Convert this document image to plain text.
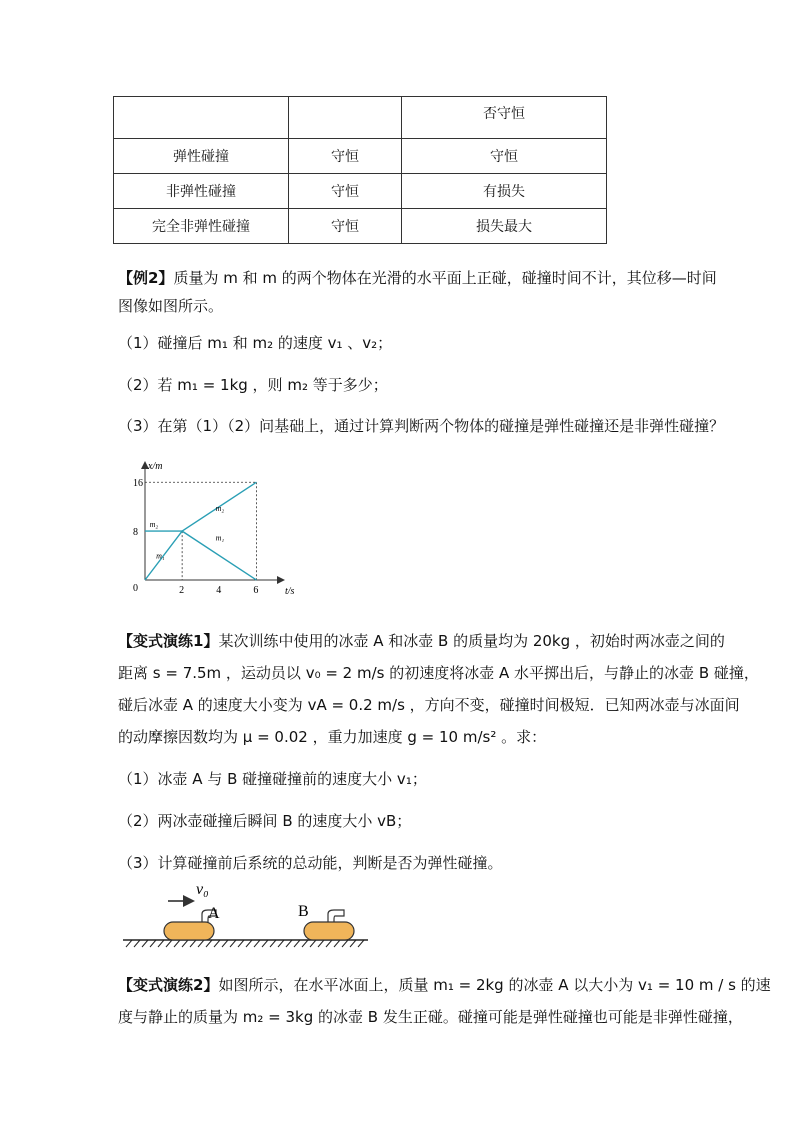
		否守恒
弹性碰撞	守恒	守恒
非弹性碰撞	守恒	有损失
完全非弹性碰撞	守恒	损失最大
【例2】质量为 m 和 m 的两个物体在光滑的水平面上正碰，碰撞时间不计，其位移—时间
图像如图所示。
（1）碰撞后 m₁ 和 m₂ 的速度 v₁ 、v₂；
（2）若 m₁ = 1kg ，则 m₂ 等于多少；
（3）在第（1）（2）问基础上，通过计算判断两个物体的碰撞是弹性碰撞还是非弹性碰撞？
x/m
t/s
2	4	6
0
8
16
m₂
m₁
m₂
m₁
【变式演练1】某次训练中使用的冰壶 A 和冰壶 B 的质量均为 20kg ，初始时两冰壶之间的
距离 s = 7.5m ，运动员以 v₀ = 2 m/s 的初速度将冰壶 A 水平掷出后，与静止的冰壶 B 碰撞，
碰后冰壶 A 的速度大小变为 vA = 0.2 m/s ，方向不变，碰撞时间极短．已知两冰壶与冰面间
的动摩擦因数均为 μ = 0.02 ，重力加速度 g = 10 m/s² 。求：
（1）冰壶 A 与 B 碰撞碰撞前的速度大小 v₁；
（2）两冰壶碰撞后瞬间 B 的速度大小 vB；
（3）计算碰撞前后系统的总动能，判断是否为弹性碰撞。
v₀
A	B
【变式演练2】如图所示，在水平冰面上，质量 m₁ = 2kg 的冰壶 A 以大小为 v₁ = 10 m / s 的速
度与静止的质量为 m₂ = 3kg 的冰壶 B 发生正碰。碰撞可能是弹性碰撞也可能是非弹性碰撞，
